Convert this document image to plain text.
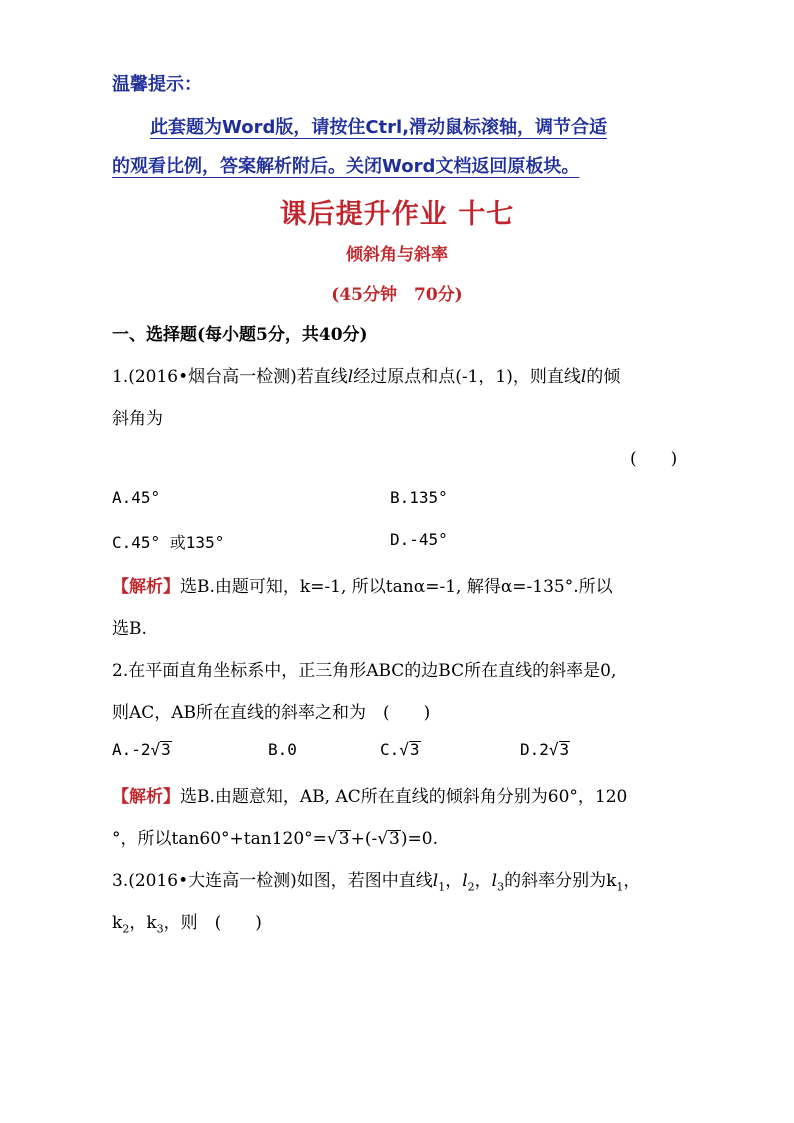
温馨提示：
此套题为Word版，请按住Ctrl,滑动鼠标滚轴，调节合适
的观看比例，答案解析附后。关闭Word文档返回原板块。
课后提升作业 十七
倾斜角与斜率
(45分钟　70分)
一、选择题(每小题5分，共40分)
1.(2016•烟台高一检测)若直线l经过原点和点(-1，1)，则直线l的倾
斜角为
(　　)
A.45°	B.135°
C.45° 或135°	D.-45°
【解析】选B.由题可知，k=-1, 所以tanα=-1, 解得α=-135°.所以
选B.
2.在平面直角坐标系中，正三角形ABC的边BC所在直线的斜率是0,
则AC，AB所在直线的斜率之和为　(　　)
A.-2√3	B.0	C.√3	D.2√3
【解析】选B.由题意知，AB, AC所在直线的倾斜角分别为60°，120
°，所以tan60°+tan120°=√3+(-√3)=0.
3.(2016•大连高一检测)如图，若图中直线$l_1$，$l_2$，$l_3$的斜率分别为$k_1$，
$k_2$，$k_3$，则　(　　)
